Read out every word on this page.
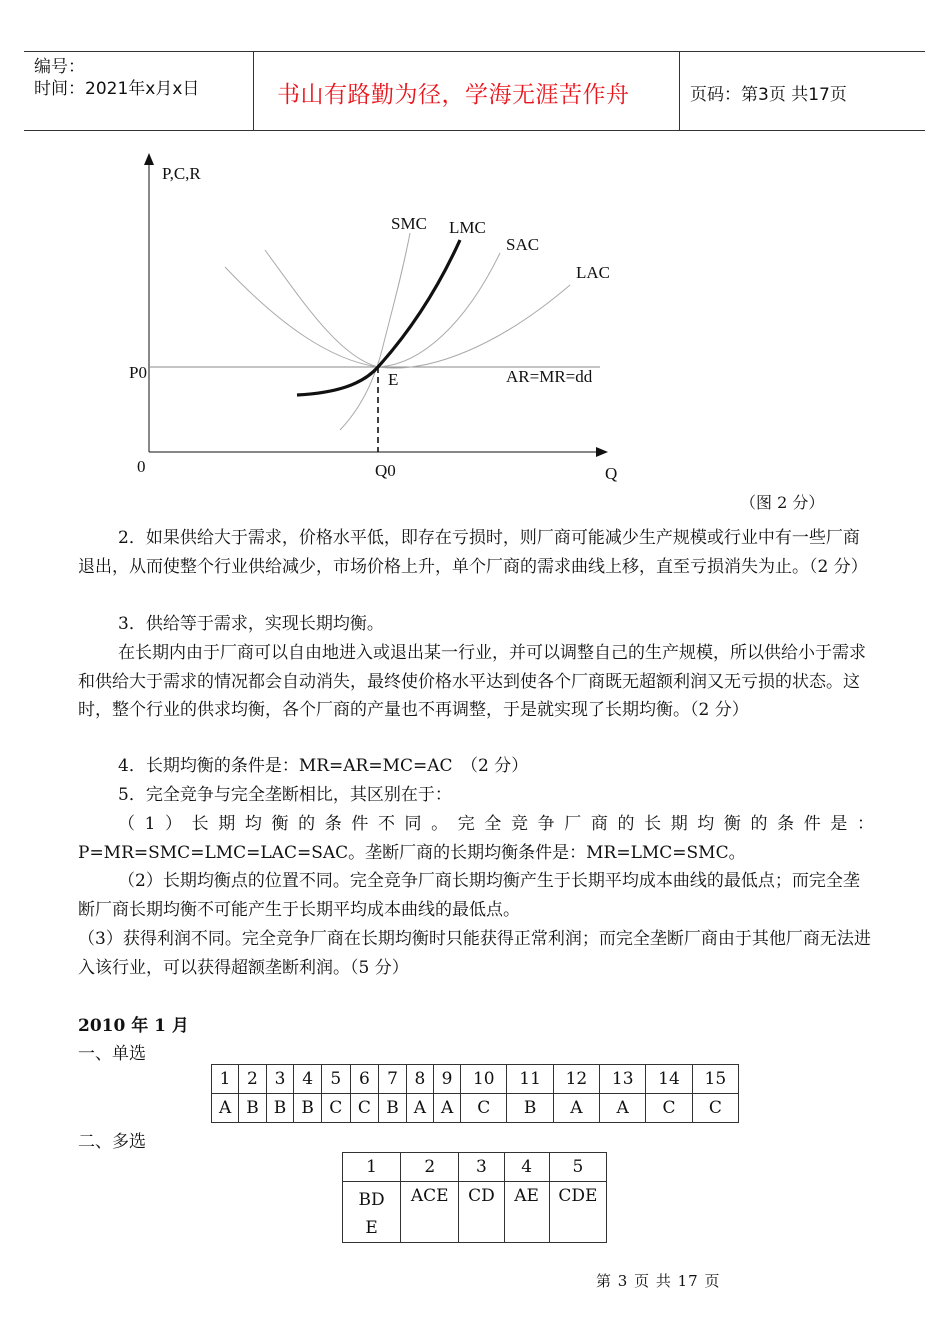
编号：
时间：2021年x月x日	书山有路勤为径，学海无涯苦作舟	页码：第3页 共17页
P,C,R
SMC LMC
SAC
LAC
P0	E	AR=MR=dd
0	Q0	Q
（图 2 分）
2．如果供给大于需求，价格水平低，即存在亏损时，则厂商可能减少生产规模或行业中有一些厂商退出，从而使整个行业供给减少，市场价格上升，单个厂商的需求曲线上移，直至亏损消失为止。（2 分）
3．供给等于需求，实现长期均衡。
在长期内由于厂商可以自由地进入或退出某一行业，并可以调整自己的生产规模，所以供给小于需求和供给大于需求的情况都会自动消失，最终使价格水平达到使各个厂商既无超额利润又无亏损的状态。这时，整个行业的供求均衡，各个厂商的产量也不再调整，于是就实现了长期均衡。（2 分）
4．长期均衡的条件是：MR=AR=MC=AC　（2 分）
5．完全竞争与完全垄断相比，其区别在于：
（1）长期均衡的条件不同。完全竞争厂商的长期均衡的条件是：
P=MR=SMC=LMC=LAC=SAC。垄断厂商的长期均衡条件是：MR=LMC=SMC。
（2）长期均衡点的位置不同。完全竞争厂商长期均衡产生于长期平均成本曲线的最低点；而完全垄断厂商长期均衡不可能产生于长期平均成本曲线的最低点。
（3）获得利润不同。完全竞争厂商在长期均衡时只能获得正常利润；而完全垄断厂商由于其他厂商无法进入该行业，可以获得超额垄断利润。（5 分）
2010 年 1 月
一、单选
1	2	3	4	5	6	7	8	9	10	11	12	13	14	15
A	B	B	B	C	C	B	A	A	C	B	A	A	C	C
二、多选
1	2	3	4	5
BDE	ACE	CD	AE	CDE
第 3 页 共 17 页
